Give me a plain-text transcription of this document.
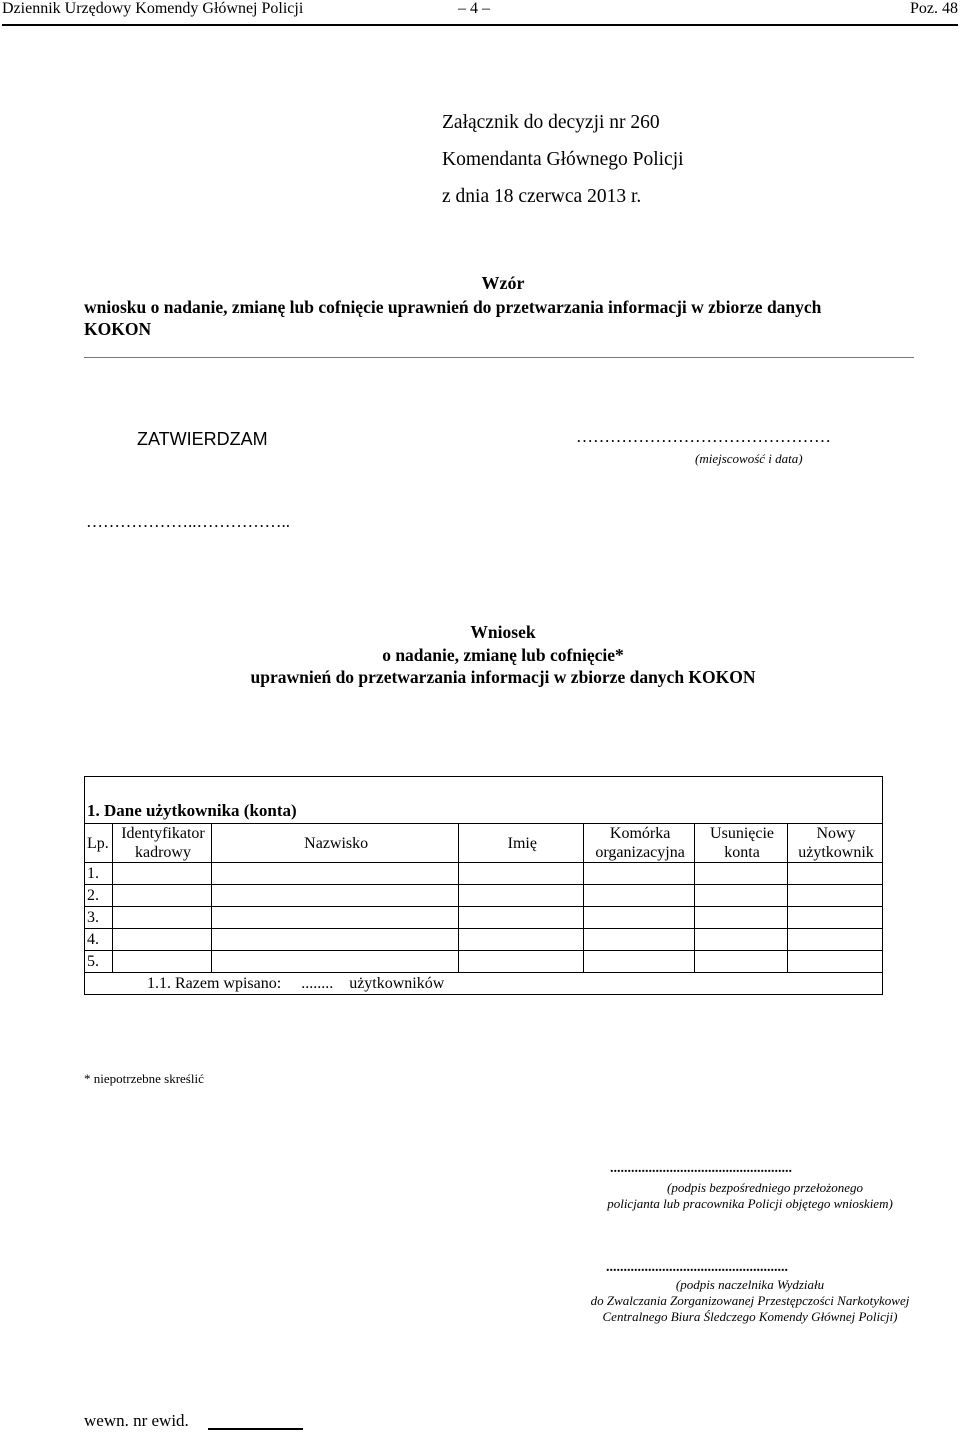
Dziennik Urzędowy Komendy Głównej Policji	– 4 –	Poz. 48
Załącznik do decyzji nr 260
Komendanta Głównego Policji
z dnia 18 czerwca 2013 r.
Wzór
wniosku o nadanie, zmianę lub cofnięcie uprawnień do przetwarzania informacji w zbiorze danych
KOKON
ZATWIERDZAM	………………………………………
(miejscowość i data)
………………..……………..
Wniosek
o nadanie, zmianę lub cofnięcie*
uprawnień do przetwarzania informacji w zbiorze danych KOKON
1. Dane użytkownika (konta)						
Lp.	Identyfikator kadrowy	Nazwisko	Imię	Komórka organizacyjna	Usunięcie konta	Nowy użytkownik
1.						
2.						
3.						
4.						
5.						
1.1. Razem wpisano: ........ użytkowników						
* niepotrzebne skreślić
....................................................
(podpis bezpośredniego przełożonego
policjanta lub pracownika Policji objętego wnioskiem)
....................................................
(podpis naczelnika Wydziału
do Zwalczania Zorganizowanej Przestępczości Narkotykowej
Centralnego Biura Śledczego Komendy Głównej Policji)
wewn. nr ewid.
